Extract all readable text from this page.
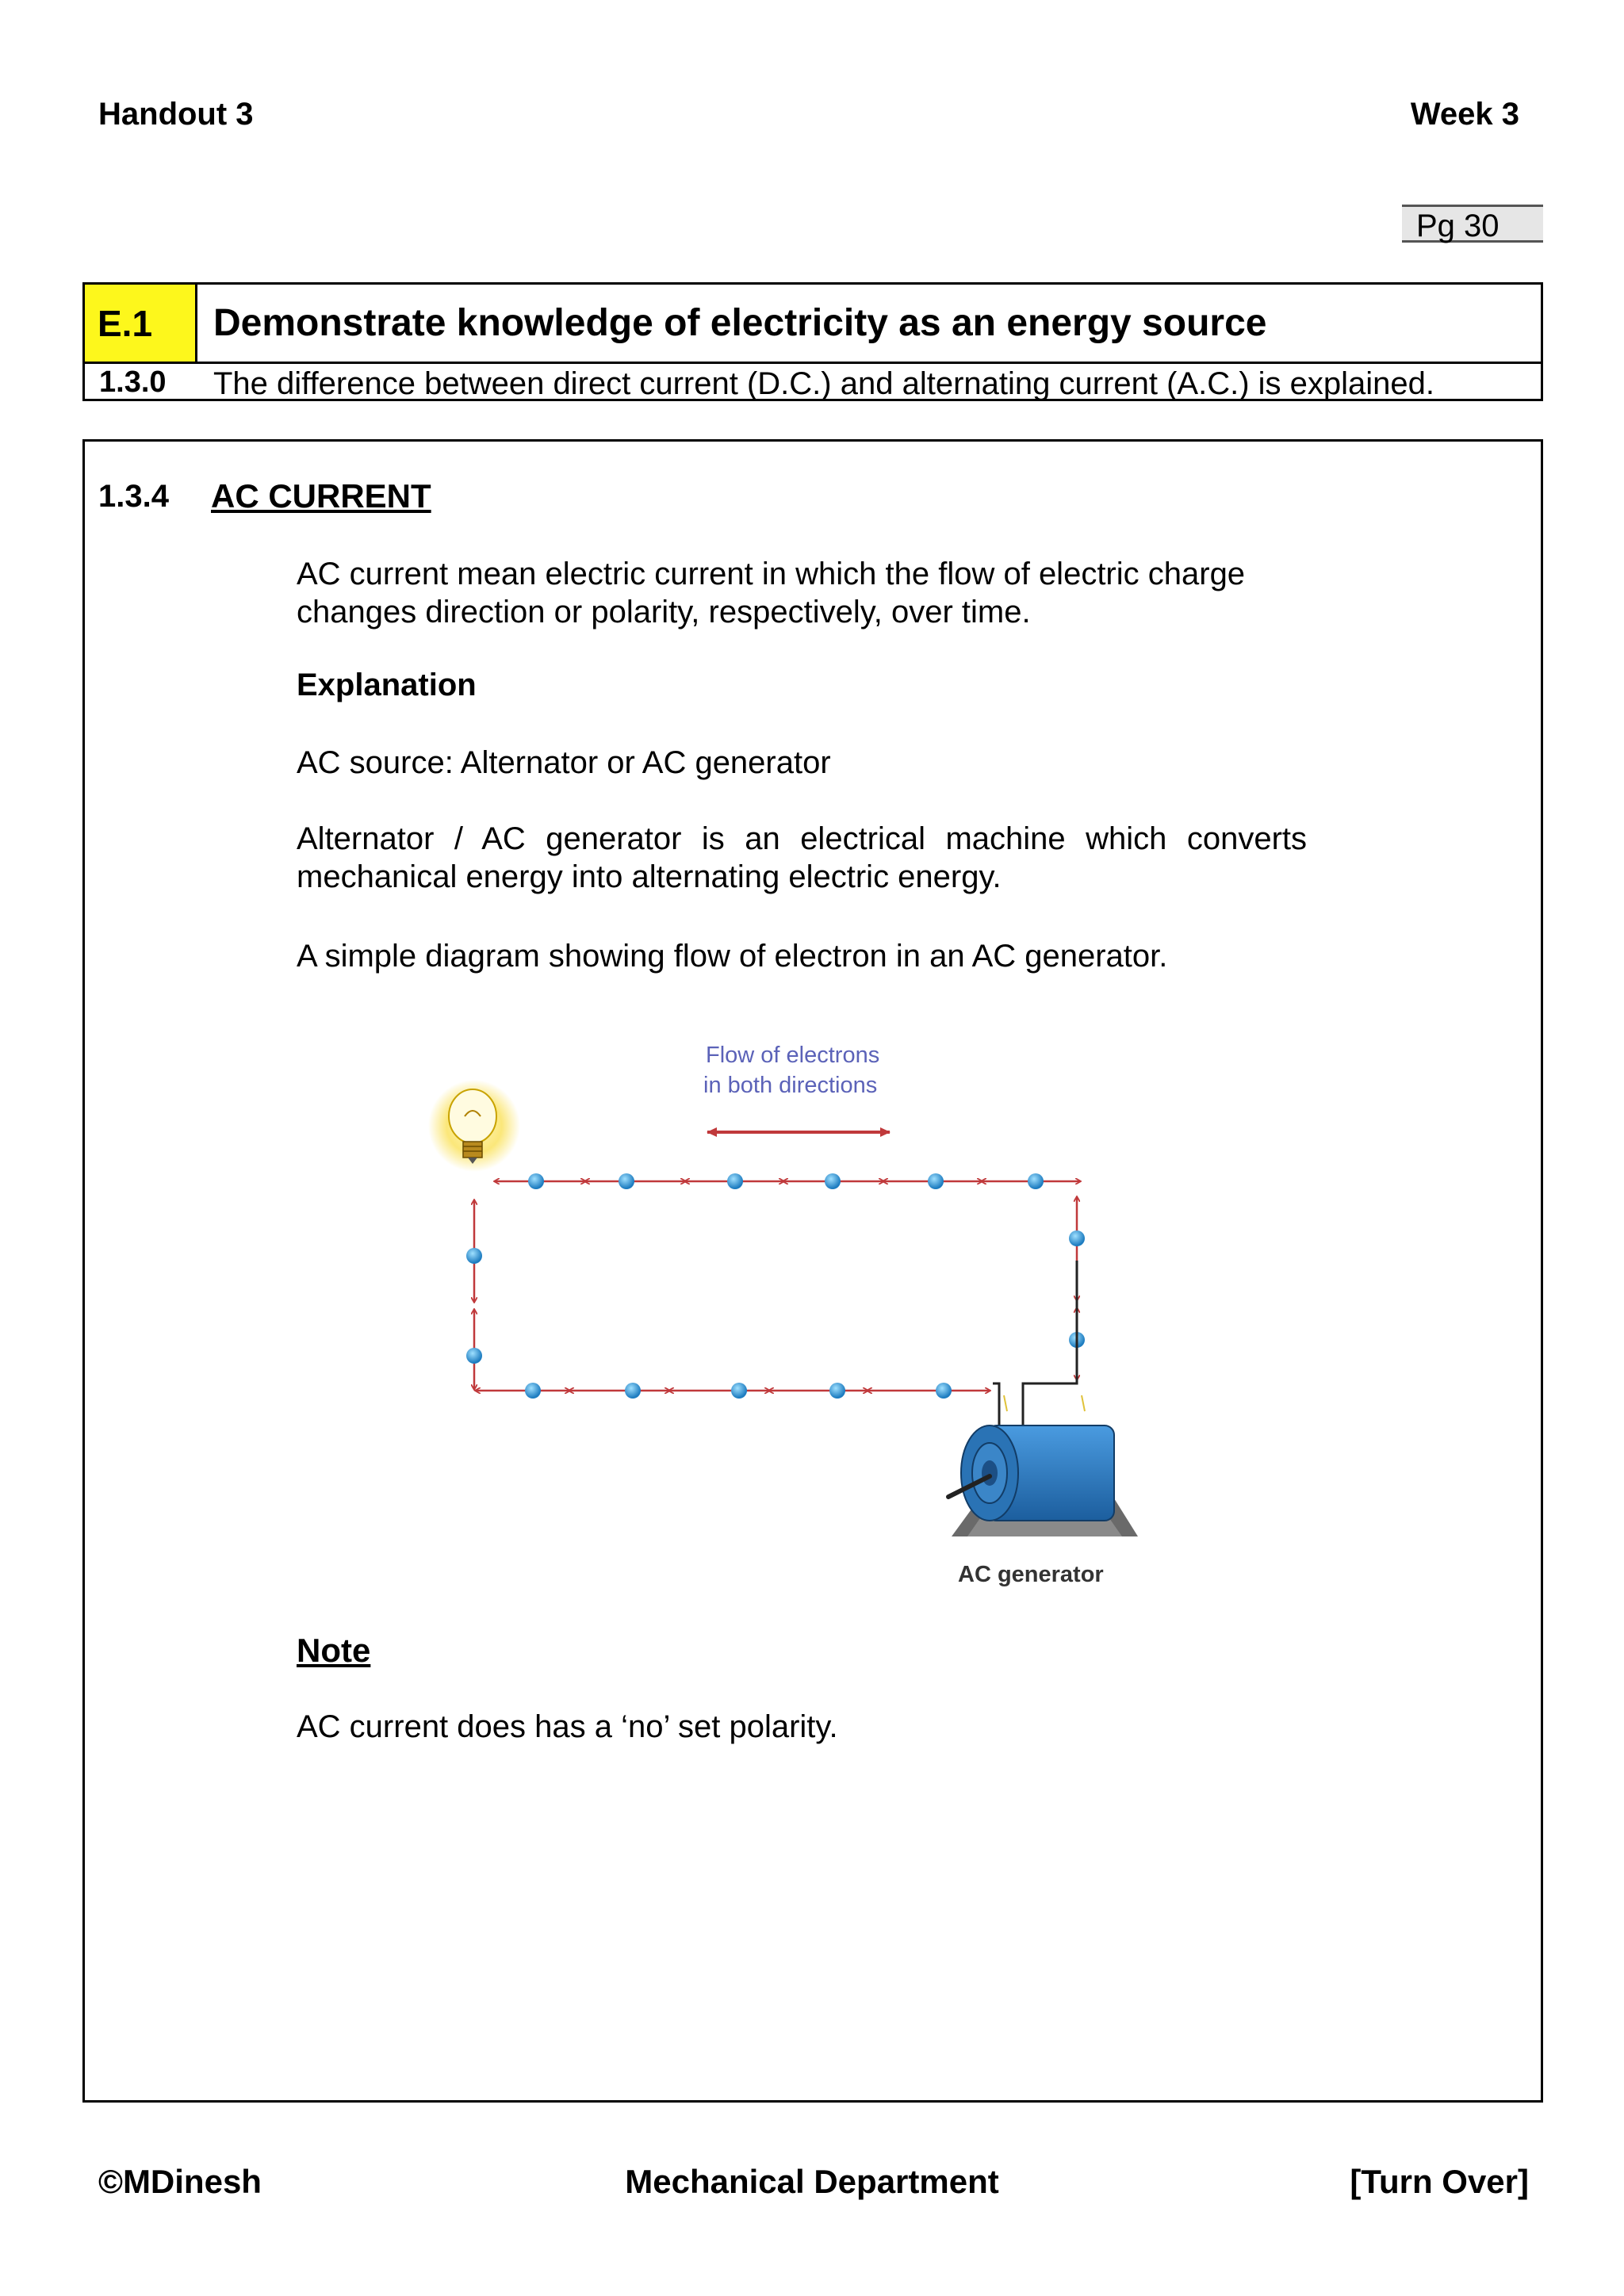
Handout 3	Week 3
Pg 30
E.1	Demonstrate knowledge of electricity as an energy source
1.3.0 The difference between direct current (D.C.) and alternating current (A.C.) is explained.
1.3.4 AC CURRENT
AC current mean electric current in which the flow of electric charge changes direction or polarity, respectively, over time.
Explanation
AC source: Alternator or AC generator
Alternator / AC generator is an electrical machine which converts mechanical energy into alternating electric energy.
A simple diagram showing flow of electron in an AC generator.
Flow of electrons
in both directions
AC generator
Note
AC current does has a ‘no’ set polarity.
©MDinesh	Mechanical Department	[Turn Over]
